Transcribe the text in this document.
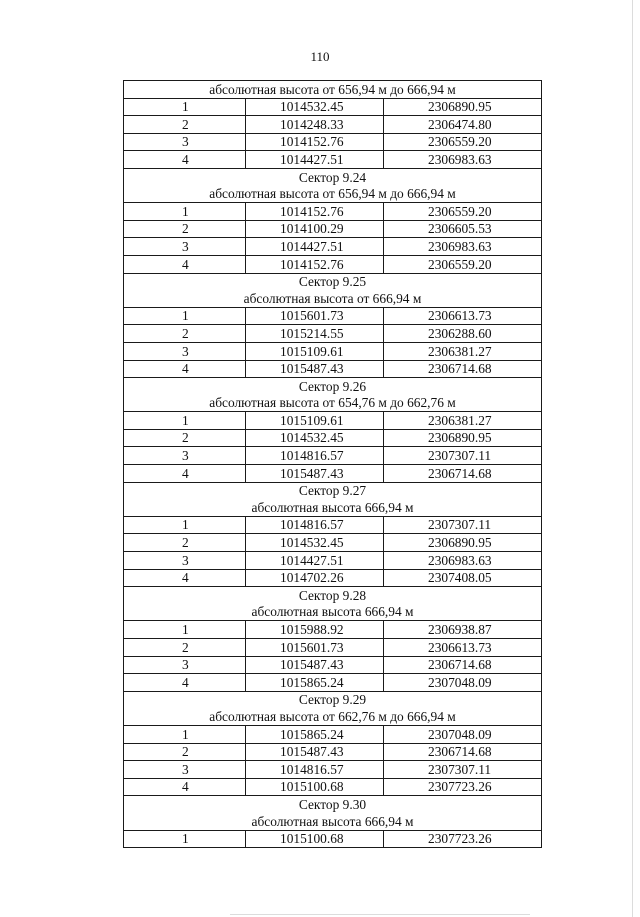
110
абсолютная высота от 656,94 м до 666,94 м		
1	1014532.45	2306890.95
2	1014248.33	2306474.80
3	1014152.76	2306559.20
4	1014427.51	2306983.63
Сектор 9.24		
абсолютная высота от 656,94 м до 666,94 м		
1	1014152.76	2306559.20
2	1014100.29	2306605.53
3	1014427.51	2306983.63
4	1014152.76	2306559.20
Сектор 9.25		
абсолютная высота от 666,94 м		
1	1015601.73	2306613.73
2	1015214.55	2306288.60
3	1015109.61	2306381.27
4	1015487.43	2306714.68
Сектор 9.26		
абсолютная высота от 654,76 м до 662,76 м		
1	1015109.61	2306381.27
2	1014532.45	2306890.95
3	1014816.57	2307307.11
4	1015487.43	2306714.68
Сектор 9.27		
абсолютная высота 666,94 м		
1	1014816.57	2307307.11
2	1014532.45	2306890.95
3	1014427.51	2306983.63
4	1014702.26	2307408.05
Сектор 9.28		
абсолютная высота 666,94 м		
1	1015988.92	2306938.87
2	1015601.73	2306613.73
3	1015487.43	2306714.68
4	1015865.24	2307048.09
Сектор 9.29		
абсолютная высота от 662,76 м до 666,94 м		
1	1015865.24	2307048.09
2	1015487.43	2306714.68
3	1014816.57	2307307.11
4	1015100.68	2307723.26
Сектор 9.30		
абсолютная высота 666,94 м		
1	1015100.68	2307723.26
